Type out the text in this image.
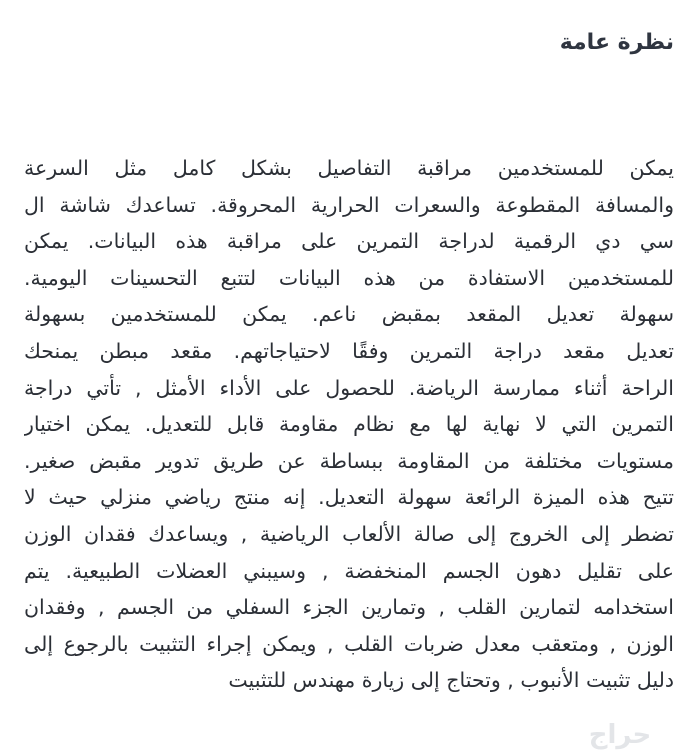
نظرة عامة
يمكن للمستخدمين مراقبة التفاصيل بشكل كامل مثل السرعة
والمسافة المقطوعة والسعرات الحرارية المحروقة. تساعدك شاشة ال
سي دي الرقمية لدراجة التمرين على مراقبة هذه البيانات. يمكن
للمستخدمين الاستفادة من هذه البيانات لتتبع التحسينات اليومية.
سهولة تعديل المقعد بمقبض ناعم. يمكن للمستخدمين بسهولة
تعديل مقعد دراجة التمرين وفقًا لاحتياجاتهم. مقعد مبطن يمنحك
الراحة أثناء ممارسة الرياضة. للحصول على الأداء الأمثل , تأتي دراجة
التمرين التي لا نهاية لها مع نظام مقاومة قابل للتعديل. يمكن اختيار
مستويات مختلفة من المقاومة ببساطة عن طريق تدوير مقبض صغير.
تتيح هذه الميزة الرائعة سهولة التعديل. إنه منتج رياضي منزلي حيث لا
تضطر إلى الخروج إلى صالة الألعاب الرياضية , ويساعدك فقدان الوزن
على تقليل دهون الجسم المنخفضة , وسيبني العضلات الطبيعية. يتم
استخدامه لتمارين القلب , وتمارين الجزء السفلي من الجسم , وفقدان
الوزن , ومتعقب معدل ضربات القلب , ويمكن إجراء التثبيت بالرجوع إلى
دليل تثبيت الأنبوب , وتحتاج إلى زيارة مهندس للتثبيت
حراج
